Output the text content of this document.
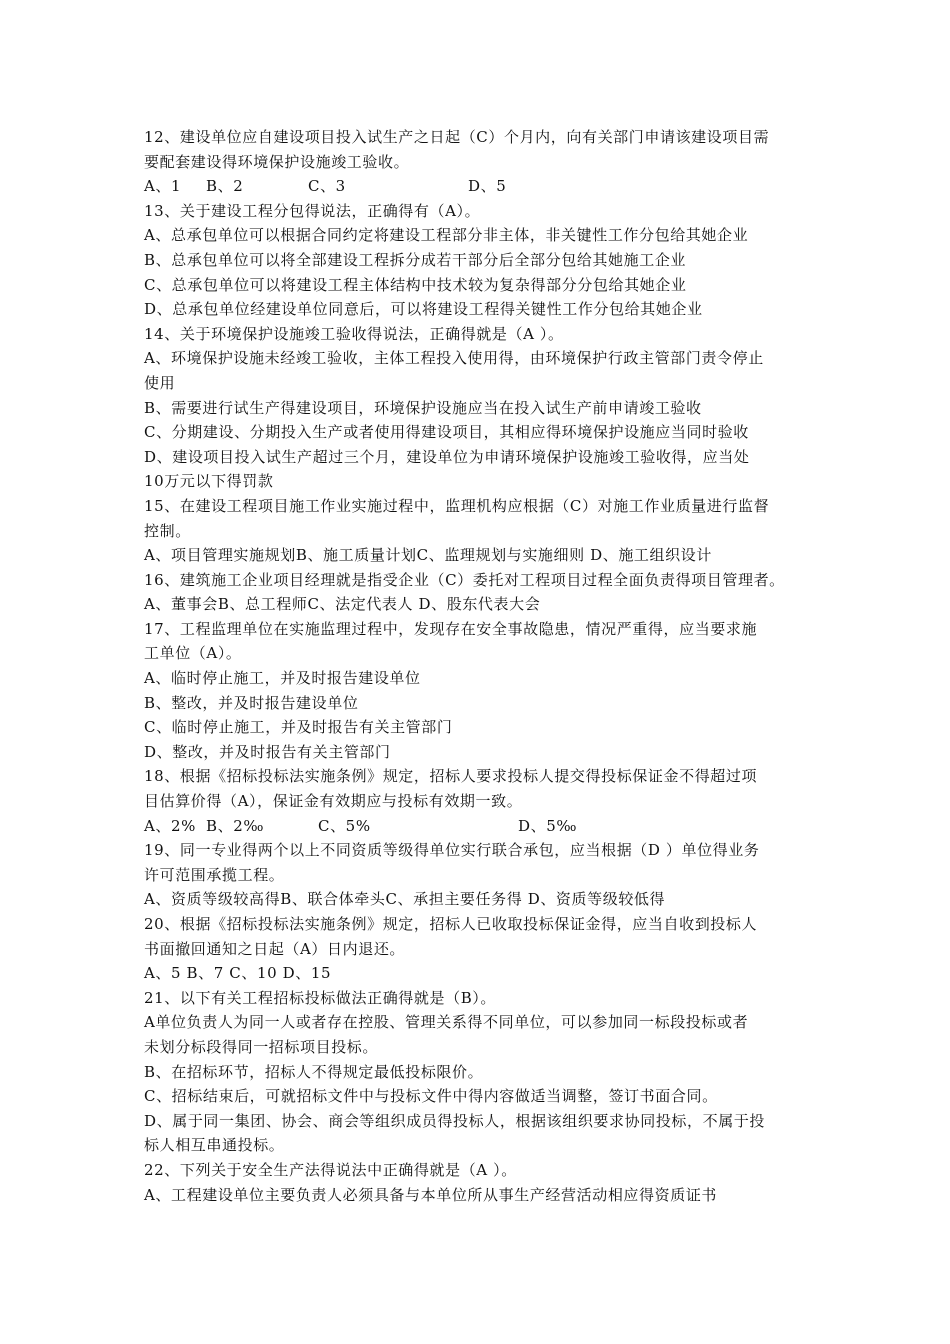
12、建设单位应自建设项目投入试生产之日起（C）个月内，向有关部门申请该建设项目需
要配套建设得环境保护设施竣工验收。
A、1	B、2	C、3	D、5
13、关于建设工程分包得说法，正确得有（A）。
A、总承包单位可以根据合同约定将建设工程部分非主体，非关键性工作分包给其她企业
B、总承包单位可以将全部建设工程拆分成若干部分后全部分包给其她施工企业
C、总承包单位可以将建设工程主体结构中技术较为复杂得部分分包给其她企业
D、总承包单位经建设单位同意后，可以将建设工程得关键性工作分包给其她企业
14、关于环境保护设施竣工验收得说法，正确得就是（A ）。
A、环境保护设施未经竣工验收，主体工程投入使用得，由环境保护行政主管部门责令停止
使用
B、需要进行试生产得建设项目，环境保护设施应当在投入试生产前申请竣工验收
C、分期建设、分期投入生产或者使用得建设项目，其相应得环境保护设施应当同时验收
D、建设项目投入试生产超过三个月，建设单位为申请环境保护设施竣工验收得，应当处
10万元以下得罚款
15、在建设工程项目施工作业实施过程中，监理机构应根据（C）对施工作业质量进行监督
控制。
A、项目管理实施规划B、施工质量计划C、监理规划与实施细则 D、施工组织设计
16、建筑施工企业项目经理就是指受企业（C）委托对工程项目过程全面负责得项目管理者。
A、董事会B、总工程师C、法定代表人 D、股东代表大会
17、工程监理单位在实施监理过程中，发现存在安全事故隐患，情况严重得，应当要求施
工单位（A）。
A、临时停止施工，并及时报告建设单位
B、整改，并及时报告建设单位
C、临时停止施工，并及时报告有关主管部门
D、整改，并及时报告有关主管部门
18、根据《招标投标法实施条例》规定，招标人要求投标人提交得投标保证金不得超过项
目估算价得（A），保证金有效期应与投标有效期一致。
A、2% B、2‰	C、5%	D、5‰
19、同一专业得两个以上不同资质等级得单位实行联合承包，应当根据（D ）单位得业务
许可范围承揽工程。
A、资质等级较高得B、联合体牵头C、承担主要任务得 D、资质等级较低得
20、根据《招标投标法实施条例》规定，招标人已收取投标保证金得，应当自收到投标人
书面撤回通知之日起（A）日内退还。
A、5 B、7 C、10 D、15
21、以下有关工程招标投标做法正确得就是（B）。
A单位负责人为同一人或者存在控股、管理关系得不同单位，可以参加同一标段投标或者
未划分标段得同一招标项目投标。
B、在招标环节，招标人不得规定最低投标限价。
C、招标结束后，可就招标文件中与投标文件中得内容做适当调整，签订书面合同。
D、属于同一集团、协会、商会等组织成员得投标人，根据该组织要求协同投标，不属于投
标人相互串通投标。
22、下列关于安全生产法得说法中正确得就是（A ）。
A、工程建设单位主要负责人必须具备与本单位所从事生产经营活动相应得资质证书
